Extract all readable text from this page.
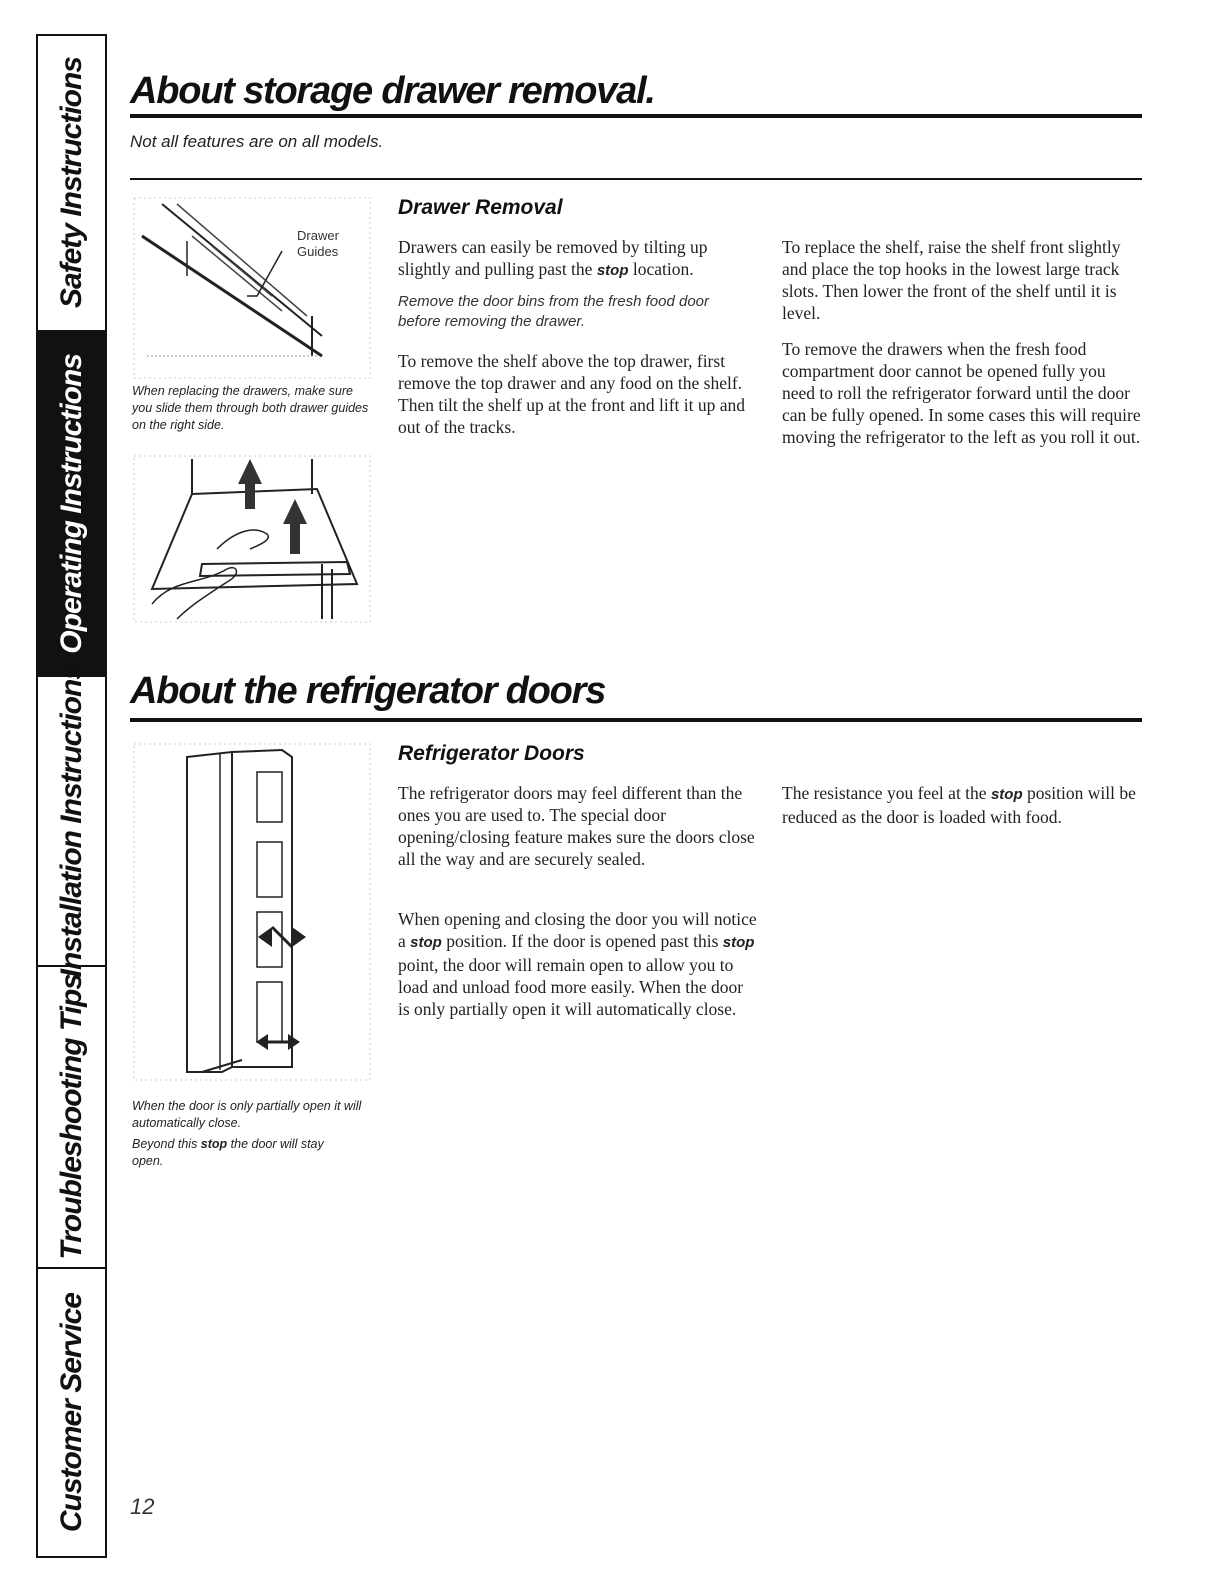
Safety Instructions
Operating Instructions
Installation Instructions
Troubleshooting Tips
Customer Service
About storage drawer removal.

Not all features are on all models.

Drawer
Guides

When replacing the drawers, make sure you slide them through both drawer guides on the right side.

Drawer Removal

Drawers can easily be removed by tilting up slightly and pulling past the stop location.

Remove the door bins from the fresh food door before removing the drawer.

To remove the shelf above the top drawer, first remove the top drawer and any food on the shelf. Then tilt the shelf up at the front and lift it up and out of the tracks.

To replace the shelf, raise the shelf front slightly and place the top hooks in the lowest large track slots. Then lower the front of the shelf until it is level.

To remove the drawers when the fresh food compartment door cannot be opened fully you need to roll the refrigerator forward until the door can be fully opened. In some cases this will require moving the refrigerator to the left as you roll it out.

About the refrigerator doors

When the door is only partially open it will automatically close.

Beyond this stop the door will stay open.

Refrigerator Doors

The refrigerator doors may feel different than the ones you are used to. The special door opening/closing feature makes sure the doors close all the way and are securely sealed.

When opening and closing the door you will notice a stop position. If the door is opened past this stop point, the door will remain open to allow you to load and unload food more easily. When the door is only partially open it will automatically close.

The resistance you feel at the stop position will be reduced as the door is loaded with food.

12
